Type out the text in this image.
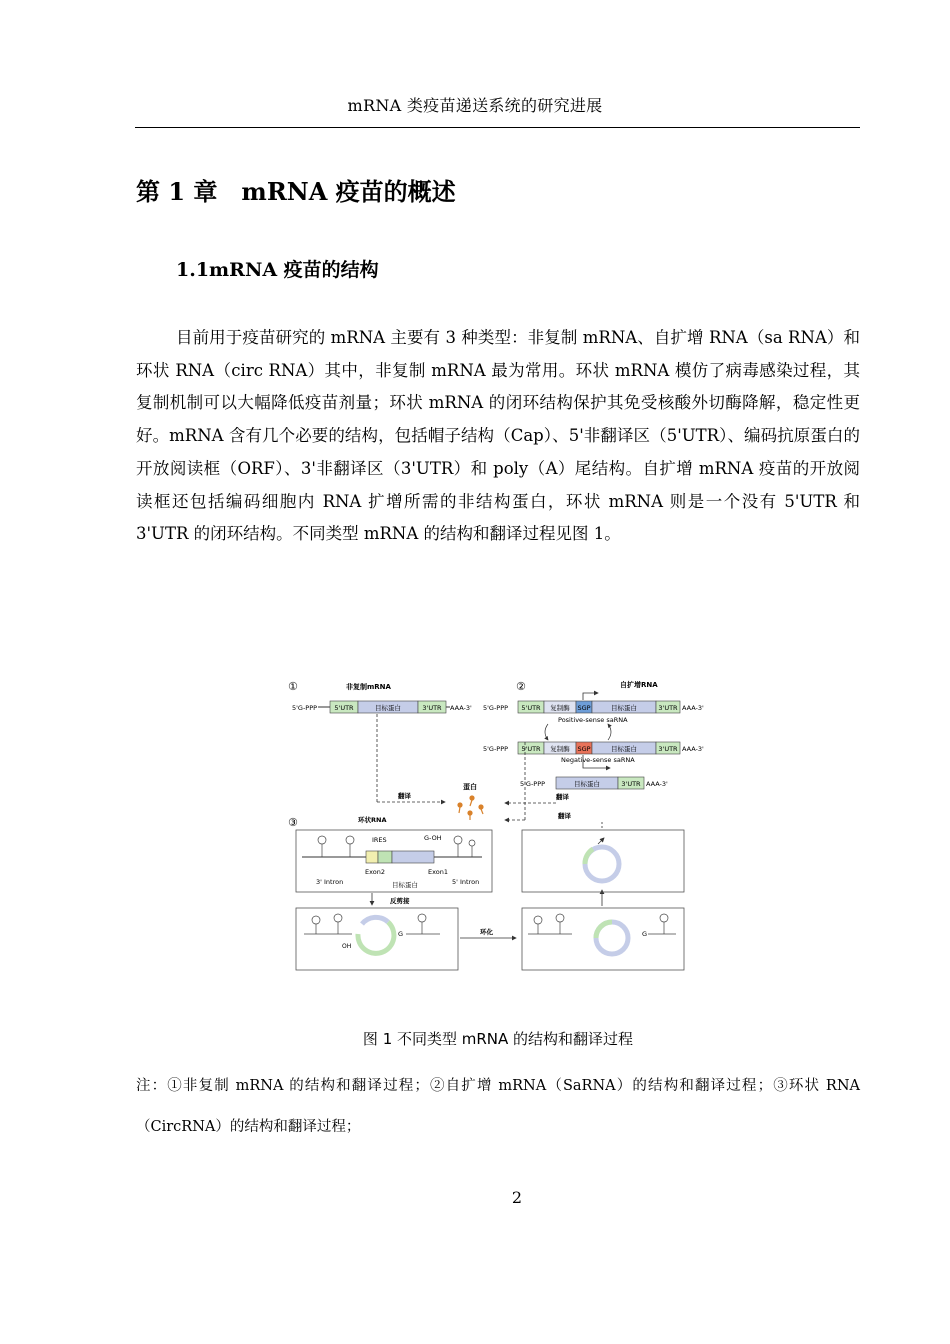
mRNA 类疫苗递送系统的研究进展
第 1 章 mRNA 疫苗的概述
1.1mRNA 疫苗的结构

目前用于疫苗研究的 mRNA 主要有 3 种类型：非复制 mRNA、自扩增 RNA（sa RNA）和环状 RNA（circ RNA）其中，非复制 mRNA 最为常用。环状 mRNA 模仿了病毒感染过程，其复制机制可以大幅降低疫苗剂量；环状 mRNA 的闭环结构保护其免受核酸外切酶降解，稳定性更好。mRNA 含有几个必要的结构，包括帽子结构（Cap）、5'非翻译区（5'UTR）、编码抗原蛋白的开放阅读框（ORF）、3'非翻译区（3'UTR）和 poly（A）尾结构。自扩增 mRNA 疫苗的开放阅读框还包括编码细胞内 RNA 扩增所需的非结构蛋白，环状 mRNA 则是一个没有 5'UTR 和 3'UTR 的闭环结构。不同类型 mRNA 的结构和翻译过程见图 1。

①	非复制mRNA
5'G-PPP	5'UTR	目标蛋白	3'UTR AAA-3'
翻译
蛋白
②	自扩增RNA
5'G-PPP 5'UTR 复制酶 SGP	目标蛋白	3'UTR AAA-3'
Positive-sense saRNA
5'G-PPP 5'UTR 复制酶 SGP	目标蛋白	3'UTR AAA-3'
Negative-sense saRNA
5'G-PPP	目标蛋白	3'UTR AAA-3'
翻译
翻译
③	环状RNA
IRES	G-OH
Exon2	Exon1
3' Intron	目标蛋白	5' Intron
反剪接
OH
G	环化	G
图 1 不同类型 mRNA 的结构和翻译过程
注：①非复制 mRNA 的结构和翻译过程；②自扩增 mRNA（SaRNA）的结构和翻译过程；③环状 RNA（CircRNA）的结构和翻译过程；
2
